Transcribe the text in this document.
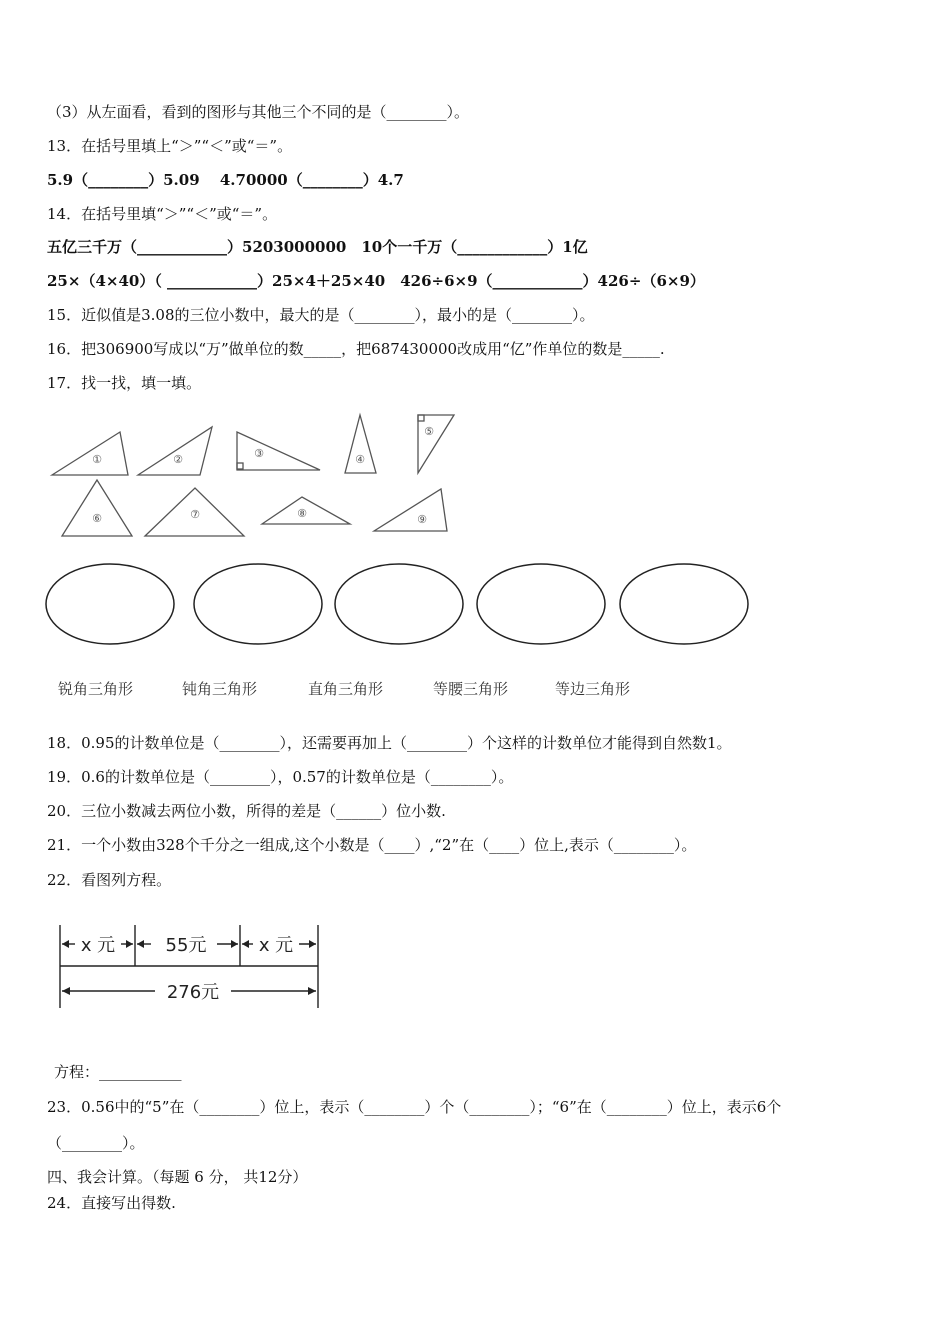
（3）从左面看，看到的图形与其他三个不同的是（________）。
13．在括号里填上“＞”“＜”或“＝”。
5.9（________）5.09　 4.70000（________）4.7
14．在括号里填“＞”“＜”或“＝”。
五亿三千万（____________）5203000000　10个一千万（____________）1亿
25×（4×40）（ ____________）25×4＋25×40　426÷6×9（____________）426÷（6×9）
15．近似值是3.08的三位小数中，最大的是（________），最小的是（________）。
16．把306900写成以“万”做单位的数_____，把687430000改成用“亿”作单位的数是_____.
17．找一找，填一填。
①	②	③	④
⑤
⑥	⑦	⑧	⑨
锐角三角形	钝角三角形	直角三角形	等腰三角形	等边三角形
18．0.95的计数单位是（________），还需要再加上（________）个这样的计数单位才能得到自然数1。
19．0.6的计数单位是（________），0.57的计数单位是（________）。
20．三位小数减去两位小数，所得的差是（______）位小数.
21．一个小数由328个千分之一组成,这个小数是（____）,“2”在（____）位上,表示（________）。
22．看图列方程。
x 元	55元	x 元
276元
方程：___________
23．0.56中的“5”在（________）位上，表示（________）个（________）；“6”在（________）位上，表示6个
（________）。
四、我会计算。（每题 6 分， 共12分）
24．直接写出得数.
